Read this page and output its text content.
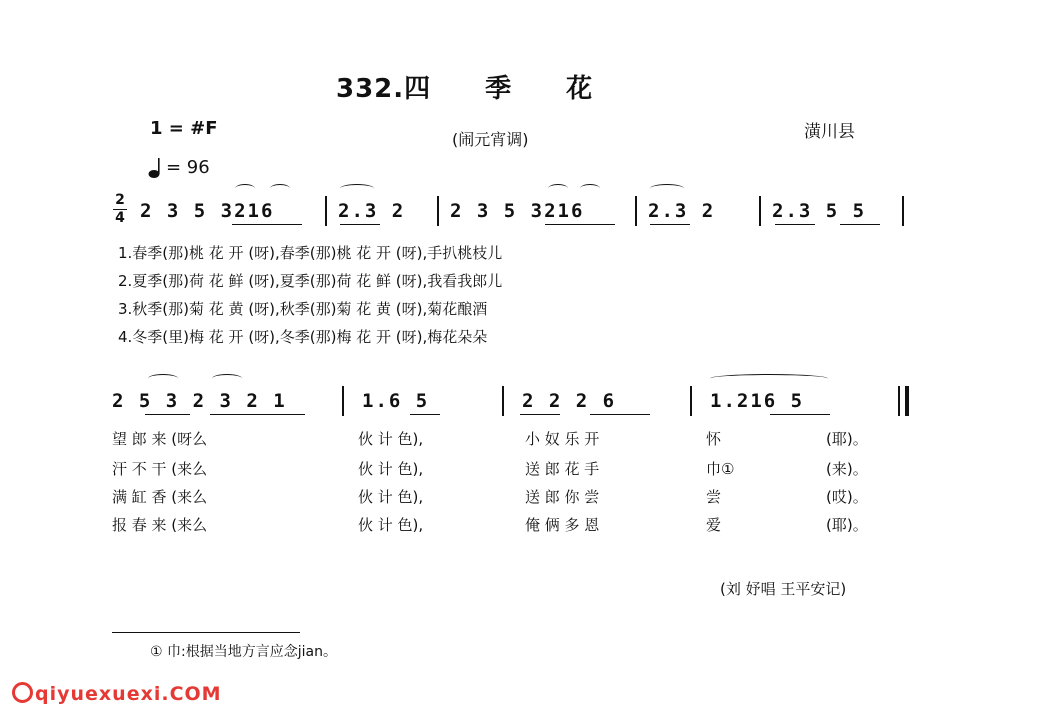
332.四 季 花
1 = #F
= 96
(闹元宵调)	潢川县
2
4 2 3 5 3216	2.3 2 2 3 5 3216	2.3 2	2.3 5 5
1.春季(那)桃 花 开 (呀),春季(那)桃 花 开 (呀),手扒桃枝儿
2.夏季(那)荷 花 鲜 (呀),夏季(那)荷 花 鲜 (呀),我看我郎儿
3.秋季(那)菊 花 黄 (呀),秋季(那)菊 花 黄 (呀),菊花酿酒
4.冬季(里)梅 花 开 (呀),冬季(那)梅 花 开 (呀),梅花朵朵
2 5 3 2 3 2 1	1.6 5	2 2 2 6	1.216 5
望 郎 来 (呀么	伙 计 色),	小 奴 乐 开	怀	(耶)。
汗 不 干 (来么	伙 计 色),	送 郎 花 手	巾①	(来)。
满 缸 香 (来么	伙 计 色),	送 郎 你 尝	尝	(哎)。
报 春 来 (来么	伙 计 色),	俺 俩 多 恩	爱	(耶)。
(刘 妤唱 王平安记)
① 巾:根据当地方言应念jian。
qiyuexuexi.COM
